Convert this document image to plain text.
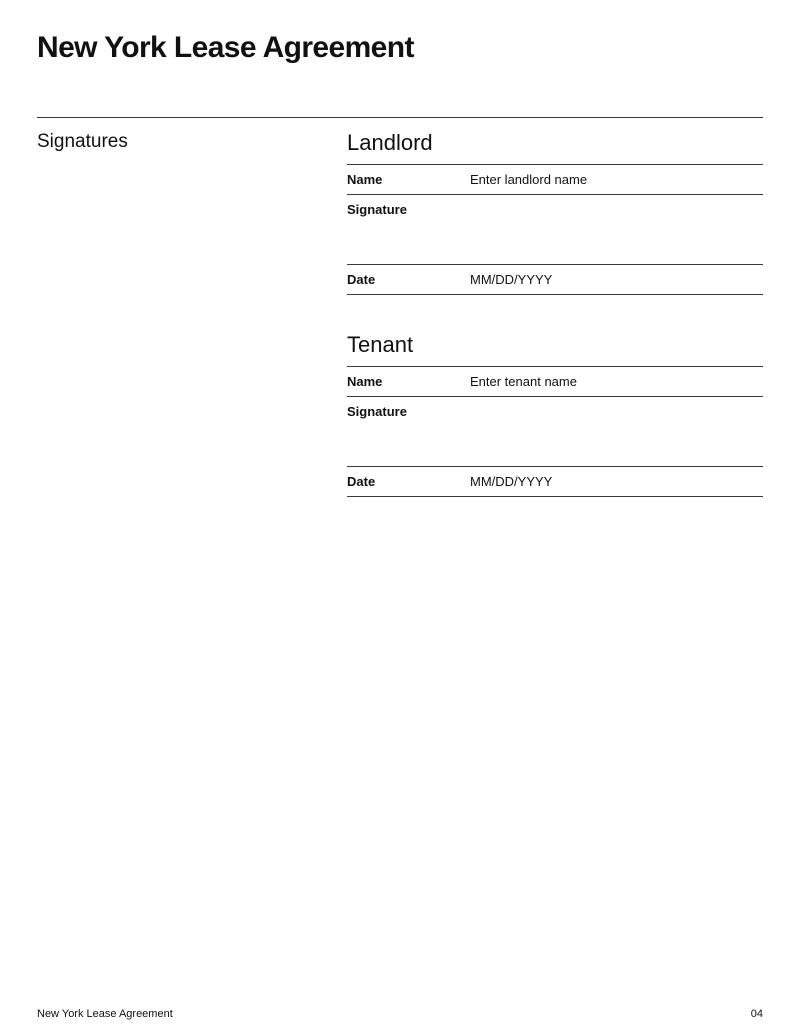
New York Lease Agreement
Signatures	Landlord
Name	Enter landlord name
Signature
Date	MM/DD/YYYY
Tenant
Name	Enter tenant name
Signature
Date	MM/DD/YYYY
New York Lease Agreement	04
